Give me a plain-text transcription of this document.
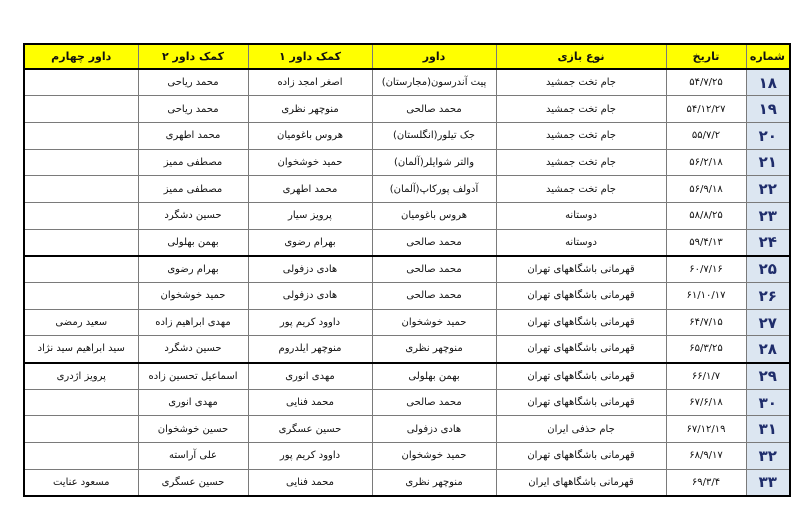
شماره	تاریخ	نوع بازی	داور	کمک داور ۱	کمک داور ۲	داور چهارم
۱۸	۵۴/۷/۲۵	جام تخت جمشید	پیت آندرسون(مجارستان)	اصغر امجد زاده	محمد ریاحی	
۱۹	۵۴/۱۲/۲۷	جام تخت جمشید	محمد صالحی	منوچهر نظری	محمد ریاحی	
۲۰	۵۵/۷/۲	جام تخت جمشید	جک تیلور(انگلستان)	هروس باغومیان	محمد اطهری	
۲۱	۵۶/۲/۱۸	جام تخت جمشید	والتر شوایلر(آلمان)	حمید خوشخوان	مصطفی ممیز	
۲۲	۵۶/۹/۱۸	جام تخت جمشید	آدولف پورکاپ(آلمان)	محمد اطهری	مصطفی ممیز	
۲۳	۵۸/۸/۲۵	دوستانه	هروس باغومیان	پرویز سیار	حسین دشگرد	
۲۴	۵۹/۴/۱۳	دوستانه	محمد صالحی	بهرام رضوی	بهمن بهلولی	
۲۵	۶۰/۷/۱۶	قهرمانی باشگاههای تهران	محمد صالحی	هادی دزفولی	بهرام رضوی	
۲۶	۶۱/۱۰/۱۷	قهرمانی باشگاههای تهران	محمد صالحی	هادی دزفولی	حمید خوشخوان	
۲۷	۶۴/۷/۱۵	قهرمانی باشگاههای تهران	حمید خوشخوان	داوود کریم پور	مهدی ابراهیم زاده	سعید رمضی
۲۸	۶۵/۳/۲۵	قهرمانی باشگاههای تهران	منوچهر نظری	منوچهر ایلدروم	حسین دشگرد	سید ابراهیم سید نژاد
۲۹	۶۶/۱/۷	قهرمانی باشگاههای تهران	بهمن بهلولی	مهدی انوری	اسماعیل تحسین زاده	پرویز اژدری
۳۰	۶۷/۶/۱۸	قهرمانی باشگاههای تهران	محمد صالحی	محمد فنایی	مهدی انوری	
۳۱	۶۷/۱۲/۱۹	جام حذفی ایران	هادی دزفولی	حسین عسگری	حسین خوشخوان	
۳۲	۶۸/۹/۱۷	قهرمانی باشگاههای تهران	حمید خوشخوان	داوود کریم پور	علی آراسته	
۳۳	۶۹/۳/۴	قهرمانی باشگاههای ایران	منوچهر نظری	محمد فنایی	حسین عسگری	مسعود عنایت
